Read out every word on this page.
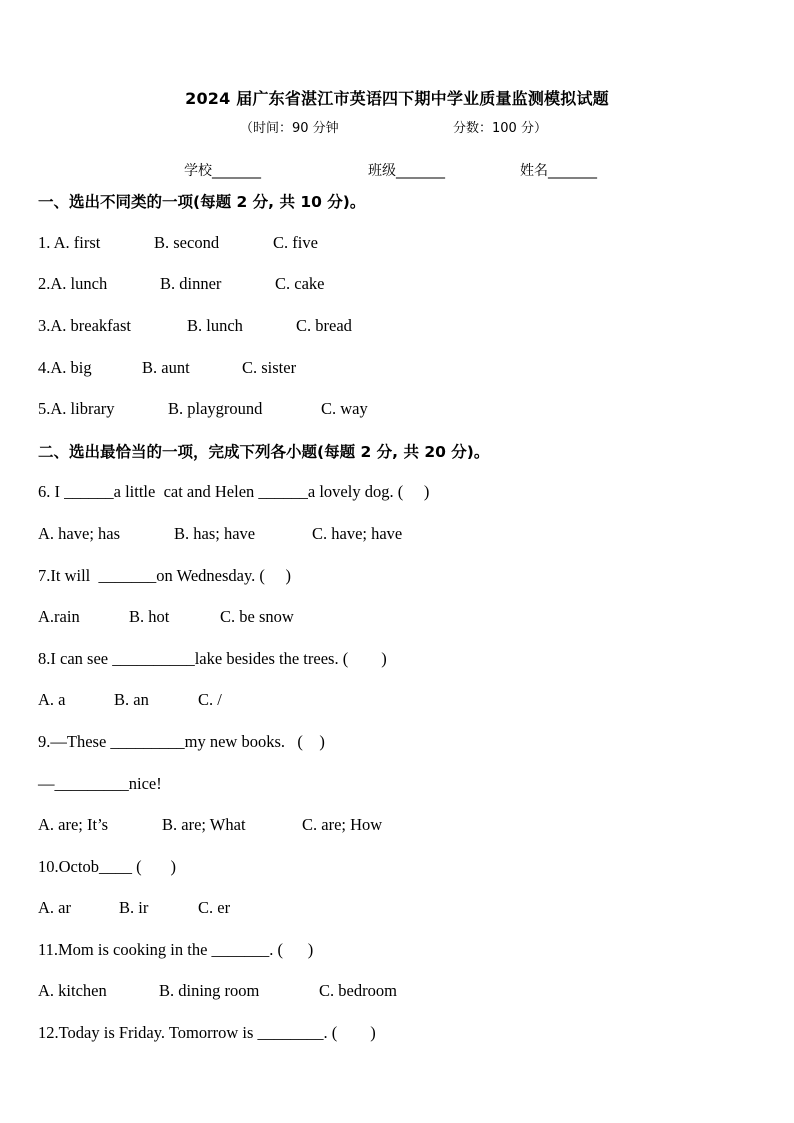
2024 届广东省湛江市英语四下期中学业质量监测模拟试题
（时间：90 分钟	分数：100 分）
学校_______	班级_______	姓名_______
一、选出不同类的一项(每题 2 分, 共 10 分)。
1. A. first	B. second	C. five
2.A. lunch	B. dinner	C. cake
3.A. breakfast	B. lunch	C. bread
4.A. big	B. aunt	C. sister
5.A. library	B. playground	C. way
二、选出最恰当的一项，完成下列各小题(每题 2 分, 共 20 分)。
6. I ______a little  cat and Helen ______a lovely dog. (     )
A. have; has	B. has; have	C. have; have
7.It will  _______on Wednesday. (     )
A.rain	B. hot	C. be snow
8.I can see __________lake besides the trees. (        )
A. a	B. an	C. /
9.—These _________my new books.   (    )
—_________nice!
A. are; It’s	B. are; What	C. are; How
10.Octob____ (       )
A. ar	B. ir	C. er
11.Mom is cooking in the _______. (      )
A. kitchen	B. dining room	C. bedroom
12.Today is Friday. Tomorrow is ________. (        )
